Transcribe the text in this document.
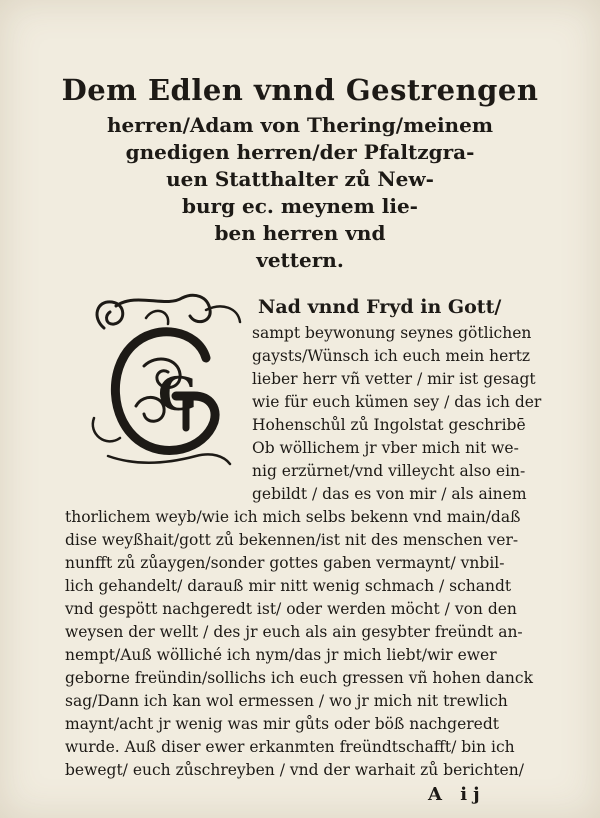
Dem Edlen vnnd Gestrengen
herren/Adam von Thering/meinem
gnedigen herren/der Pfaltzgra-
uen Statthalter zů New-
burg ec. meynem lie-
ben herren vnd
vettern.
G
Nad vnnd Fryd in Gott/
sampt beywonung seynes götlichen
gaysts/Wünsch ich euch mein hertz
lieber herr vñ vetter / mir ist gesagt
wie für euch kümen sey / das ich der
Hohenschůl zů Ingolstat geschribē
Ob wöllichem jr vber mich nit we-
nig erzürnet/vnd villeycht also ein-
gebildt / das es von mir / als ainem
thorlichem weyb/wie ich mich selbs bekenn vnd main/daß
dise weyßhait/gott zů bekennen/ist nit des menschen ver-
nunfft zů zůaygen/sonder gottes gaben vermaynt/ vnbil-
lich gehandelt/ darauß mir nitt wenig schmach / schandt
vnd gespött nachgeredt ist/ oder werden möcht / von den
weysen der wellt / des jr euch als ain gesybter freündt an-
nempt/Auß wölliché ich nym/das jr mich liebt/wir ewer
geborne freündin/sollichs ich euch gressen vñ hohen danck
sag/Dann ich kan wol ermessen / wo jr mich nit trewlich
maynt/acht jr wenig was mir gůts oder böß nachgeredt
wurde. Auß diser ewer erkanmten freündtschafft/ bin ich
bewegt/ euch zůschreyben / vnd der warhait zů berichten/
A ij
